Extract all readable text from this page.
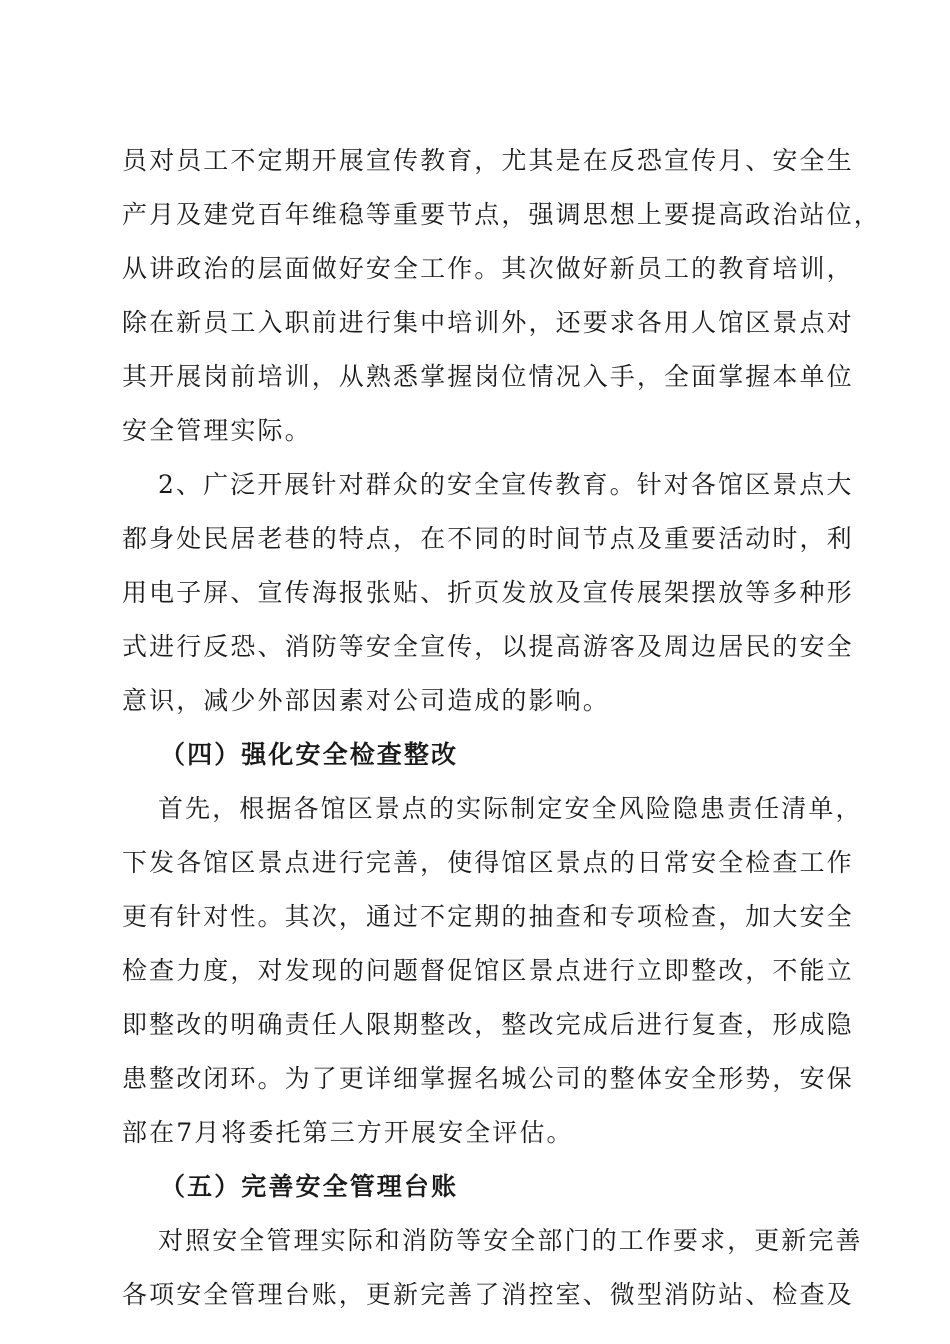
员对员工不定期开展宣传教育，尤其是在反恐宣传月、安全生
产月及建党百年维稳等重要节点，强调思想上要提高政治站位，
从讲政治的层面做好安全工作。其次做好新员工的教育培训，
除在新员工入职前进行集中培训外，还要求各用人馆区景点对
其开展岗前培训，从熟悉掌握岗位情况入手，全面掌握本单位
安全管理实际。
2、广泛开展针对群众的安全宣传教育。针对各馆区景点大
都身处民居老巷的特点，在不同的时间节点及重要活动时，利
用电子屏、宣传海报张贴、折页发放及宣传展架摆放等多种形
式进行反恐、消防等安全宣传，以提高游客及周边居民的安全
意识，减少外部因素对公司造成的影响。
（四）强化安全检查整改
首先，根据各馆区景点的实际制定安全风险隐患责任清单，
下发各馆区景点进行完善，使得馆区景点的日常安全检查工作
更有针对性。其次，通过不定期的抽查和专项检查，加大安全
检查力度，对发现的问题督促馆区景点进行立即整改，不能立
即整改的明确责任人限期整改，整改完成后进行复查，形成隐
患整改闭环。为了更详细掌握名城公司的整体安全形势，安保
部在7月将委托第三方开展安全评估。
（五）完善安全管理台账
对照安全管理实际和消防等安全部门的工作要求，更新完善
各项安全管理台账，更新完善了消控室、微型消防站、检查及
